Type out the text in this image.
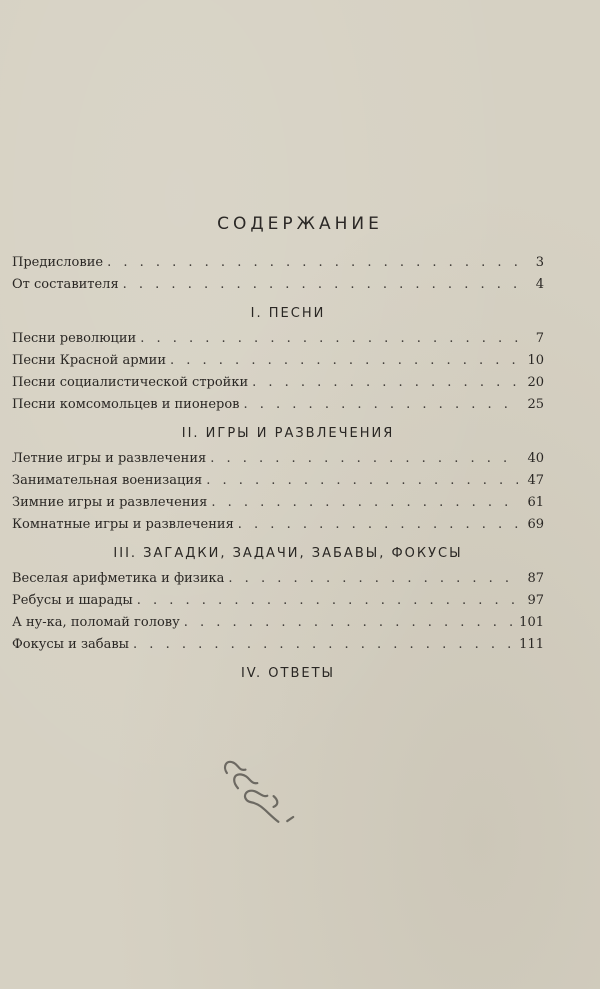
СОДЕРЖАНИЕ
Предисловие . . .	3
От составителя . . .	4
I. ПЕСНИ
Песни революции . . .	7
Песни Красной армии . . .	10
Песни социалистической стройки . . .	20
Песни комсомольцев и пионеров . . .	25
II. ИГРЫ И РАЗВЛЕЧЕНИЯ
Летние игры и развлечения . . .	40
Занимательная военизация . . .	47
Зимние игры и развлечения . . .	61
Комнатные игры и развлечения . . .	69
III. ЗАГАДКИ, ЗАДАЧИ, ЗАБАВЫ, ФОКУСЫ
Веселая арифметика и физика . . .	87
Ребусы и шарады . . .	97
А ну-ка, поломай голову . . .	101
Фокусы и забавы . . .	111
IV. ОТВЕТЫ
